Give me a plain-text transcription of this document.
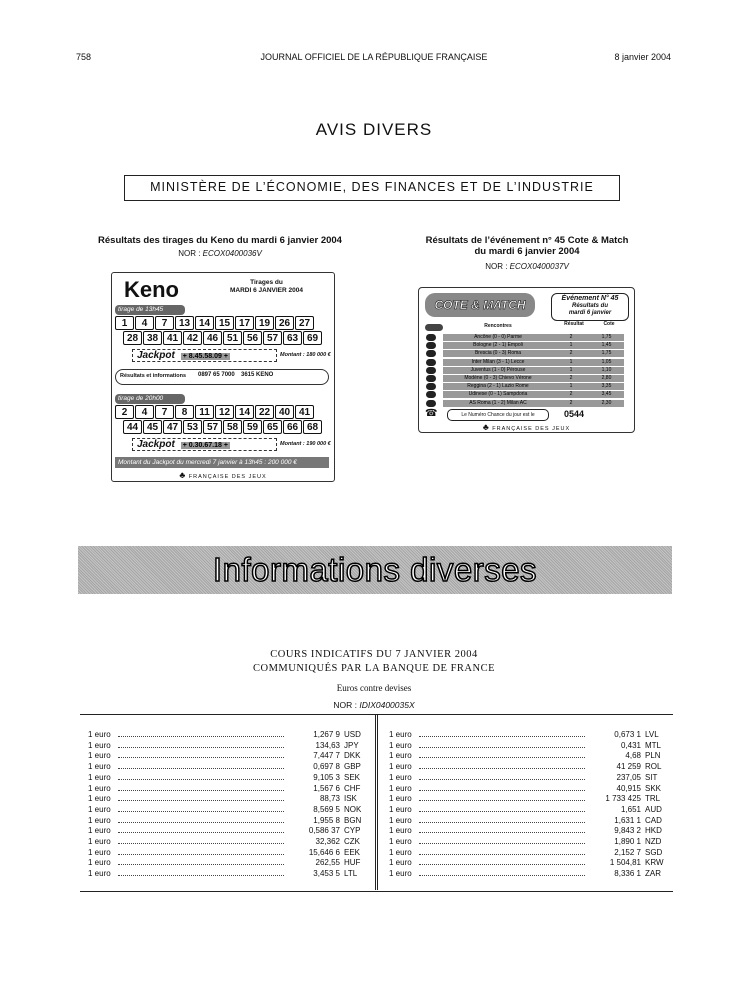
758	JOURNAL OFFICIEL DE LA RÉPUBLIQUE FRANÇAISE	8 janvier 2004
AVIS DIVERS
MINISTÈRE DE L’ÉCONOMIE, DES FINANCES ET DE L’INDUSTRIE
Résultats des tirages du Keno du mardi 6 janvier 2004
NOR : ECOX0400036V
Résultats de l’événement n° 45 Cote & Match
du mardi 6 janvier 2004
NOR : ECOX0400037V
Keno	Tirages du
MARDI 6 JANVIER 2004
tirage de 13h45
1	4	7	13 14 15 17 19 26 27
28 38 41 42 46 51 56 57 63 69
Jackpot + 8.45.58.09 +	Montant : 180 000 €
Résultats et informations 0897 65 7000 3615 KENO
tirage de 20h00
2	4	7	8	11 12 14 22 40 41
44 45 47 53 57 58 59 65 66 68
Jackpot + 0.30.67.18 +	Montant : 190 000 €
Montant du Jackpot du mercredi 7 janvier à 13h45 : 200 000 €
♣ FRANÇAISE DES JEUX
COTE & MATCH	Événement N° 45
Résultats du
mardi 6 janvier
Rencontres	Résultat	Cote
☎	Le Numéro Chance du jour est le	0544
♣ FRANÇAISE DES JEUX
Ancône (0 - 0) Parme	2	1,75
Bologne (2 - 1) Empoli	1	1,45
Brescia (0 - 3) Roma	2	1,75
Inter Milan (3 - 1) Lecce	1	1,05
Juventus (1 - 0) Pérouse	1	1,10
Modène (0 - 3) Chievo Vérone	2	2,80
Reggina (2 - 1) Lazio Rome	1	3,35
Udinese (0 - 1) Sampdoria	2	3,45
AS Roma (1 - 2) Milan AC	2	2,30
Informations diverses
COURS INDICATIFS DU 7 JANVIER 2004
COMMUNIQUÉS PAR LA BANQUE DE FRANCE
Euros contre devises
NOR : IDIX0400035X
1 euro	1,267 9 USD
1 euro	134,63 JPY
1 euro	7,447 7 DKK
1 euro	0,697 8 GBP
1 euro	9,105 3 SEK
1 euro	1,567 6 CHF
1 euro	88,73 ISK
1 euro	8,569 5 NOK
1 euro	1,955 8 BGN
1 euro	0,586 37 CYP
1 euro	32,362 CZK
1 euro	15,646 6 EEK
1 euro	262,55 HUF
1 euro	3,453 5 LTL
1 euro	0,673 1 LVL
1 euro	0,431 MTL
1 euro	4,68 PLN
1 euro	41 259 ROL
1 euro	237,05 SIT
1 euro	40,915 SKK
1 euro	1 733 425 TRL
1 euro	1,651 AUD
1 euro	1,631 1 CAD
1 euro	9,843 2 HKD
1 euro	1,890 1 NZD
1 euro	2,152 7 SGD
1 euro	1 504,81 KRW
1 euro	8,336 1 ZAR
